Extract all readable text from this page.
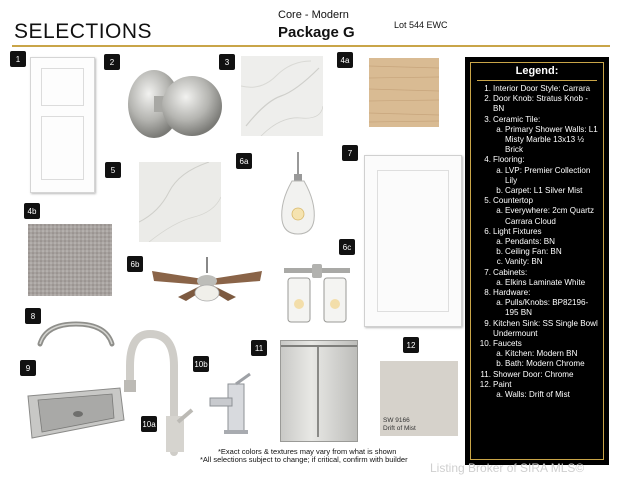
SELECTIONS
Core - Modern
Package G	Lot 544 EWC
1	2	3	4a
4b
5
6a
6b
6c
7
8
9
10a
10b
11	12
SW 9166
Drift of Mist
Legend:
1. Interior Door Style: Carrara
2. Door Knob: Stratus Knob - BN
3. Ceramic Tile:
a. Primary Shower Walls: L1 Misty Marble 13x13 ½ Brick
4. Flooring:
a. LVP: Premier Collection Lily
b. Carpet: L1 Silver Mist
5. Countertop
a. Everywhere: 2cm Quartz Carrara Cloud
6. Light Fixtures
a. Pendants: BN
b. Ceiling Fan: BN
c. Vanity: BN
7. Cabinets:
a. Elkins Laminate White
8. Hardware:
a. Pulls/Knobs: BP82196-195 BN
9. Kitchen Sink: SS Single Bowl Undermount
10. Faucets
a. Kitchen: Modern BN
b. Bath: Modern Chrome
11. Shower Door: Chrome
12. Paint
a. Walls: Drift of Mist
*Exact colors & textures may vary from what is shown
*All selections subject to change; if critical, confirm with builder
Listing Broker of SIRA MLS©
